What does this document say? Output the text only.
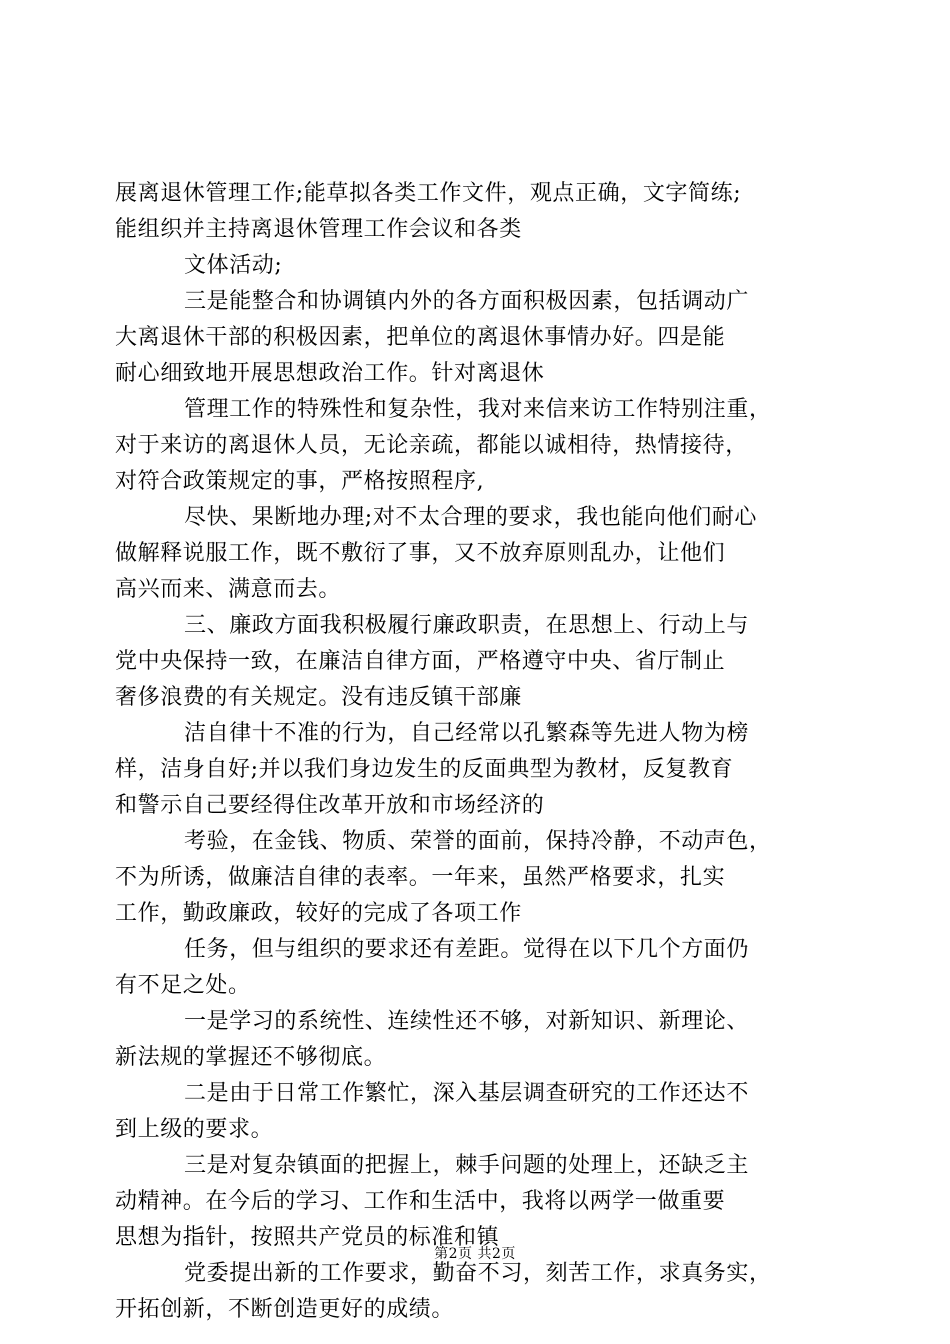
展离退休管理工作;能草拟各类工作文件，观点正确，文字简练;
能组织并主持离退休管理工作会议和各类
文体活动;
三是能整合和协调镇内外的各方面积极因素，包括调动广
大离退休干部的积极因素，把单位的离退休事情办好。四是能
耐心细致地开展思想政治工作。针对离退休
管理工作的特殊性和复杂性，我对来信来访工作特别注重，
对于来访的离退休人员，无论亲疏，都能以诚相待，热情接待，
对符合政策规定的事，严格按照程序,
尽快、果断地办理;对不太合理的要求，我也能向他们耐心
做解释说服工作，既不敷衍了事，又不放弃原则乱办，让他们
高兴而来、满意而去。
三、廉政方面我积极履行廉政职责，在思想上、行动上与
党中央保持一致，在廉洁自律方面，严格遵守中央、省厅制止
奢侈浪费的有关规定。没有违反镇干部廉
洁自律十不准的行为，自己经常以孔繁森等先进人物为榜
样，洁身自好;并以我们身边发生的反面典型为教材，反复教育
和警示自己要经得住改革开放和市场经济的
考验，在金钱、物质、荣誉的面前，保持冷静，不动声色，
不为所诱，做廉洁自律的表率。一年来，虽然严格要求，扎实
工作，勤政廉政，较好的完成了各项工作
任务，但与组织的要求还有差距。觉得在以下几个方面仍
有不足之处。
一是学习的系统性、连续性还不够，对新知识、新理论、
新法规的掌握还不够彻底。
二是由于日常工作繁忙，深入基层调查研究的工作还达不
到上级的要求。
三是对复杂镇面的把握上，棘手问题的处理上，还缺乏主
动精神。在今后的学习、工作和生活中，我将以两学一做重要
思想为指针，按照共产党员的标准和镇
党委提出新的工作要求，勤奋不习，刻苦工作，求真务实，
开拓创新，不断创造更好的成绩。
第2页 共2页
